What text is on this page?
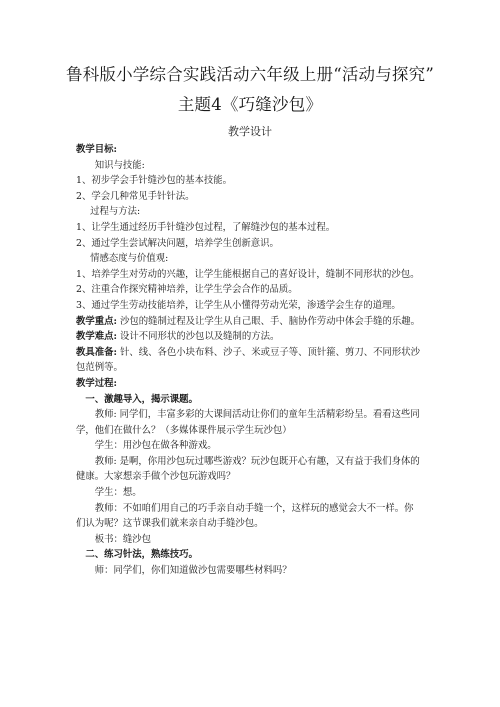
鲁科版小学综合实践活动六年级上册“活动与探究”
主题4《巧缝沙包》
教学设计

教学目标:

知识与技能:

1、初步学会手针缝沙包的基本技能。

2、学会几种常见手针针法。

过程与方法:

1、让学生通过经历手针缝沙包过程，了解缝沙包的基本过程。

2、通过学生尝试解决问题，培养学生创新意识。

情感态度与价值观:

1、培养学生对劳动的兴趣，让学生能根据自己的喜好设计，缝制不同形状的沙包。

2、注重合作探究精神培养，让学生学会合作的品质。

3、通过学生劳动技能培养，让学生从小懂得劳动光荣，渗透学会生存的道理。

教学重点: 沙包的缝制过程及让学生从自己眼、手、脑协作劳动中体会手缝的乐趣。

教学难点: 设计不同形状的沙包以及缝制的方法。

教具准备: 针、线、各色小块布料、沙子、米或豆子等、顶针箍、剪刀、不同形状沙包范例等。

教学过程:

一、激趣导入，揭示课题。

教师: 同学们，丰富多彩的大课间活动让你们的童年生活精彩纷呈。看看这些同学，他们在做什么？（多媒体课件展示学生玩沙包）

学生：用沙包在做各种游戏。

教师: 是啊，你用沙包玩过哪些游戏？玩沙包既开心有趣，又有益于我们身体的健康。大家想亲手做个沙包玩游戏吗？

学生：想。

教师：不如咱们用自己的巧手亲自动手缝一个，这样玩的感觉会大不一样。你们认为呢？这节课我们就来亲自动手缝沙包。

板书：缝沙包

二、练习针法，熟练技巧。

师：同学们，你们知道做沙包需要哪些材料吗？
